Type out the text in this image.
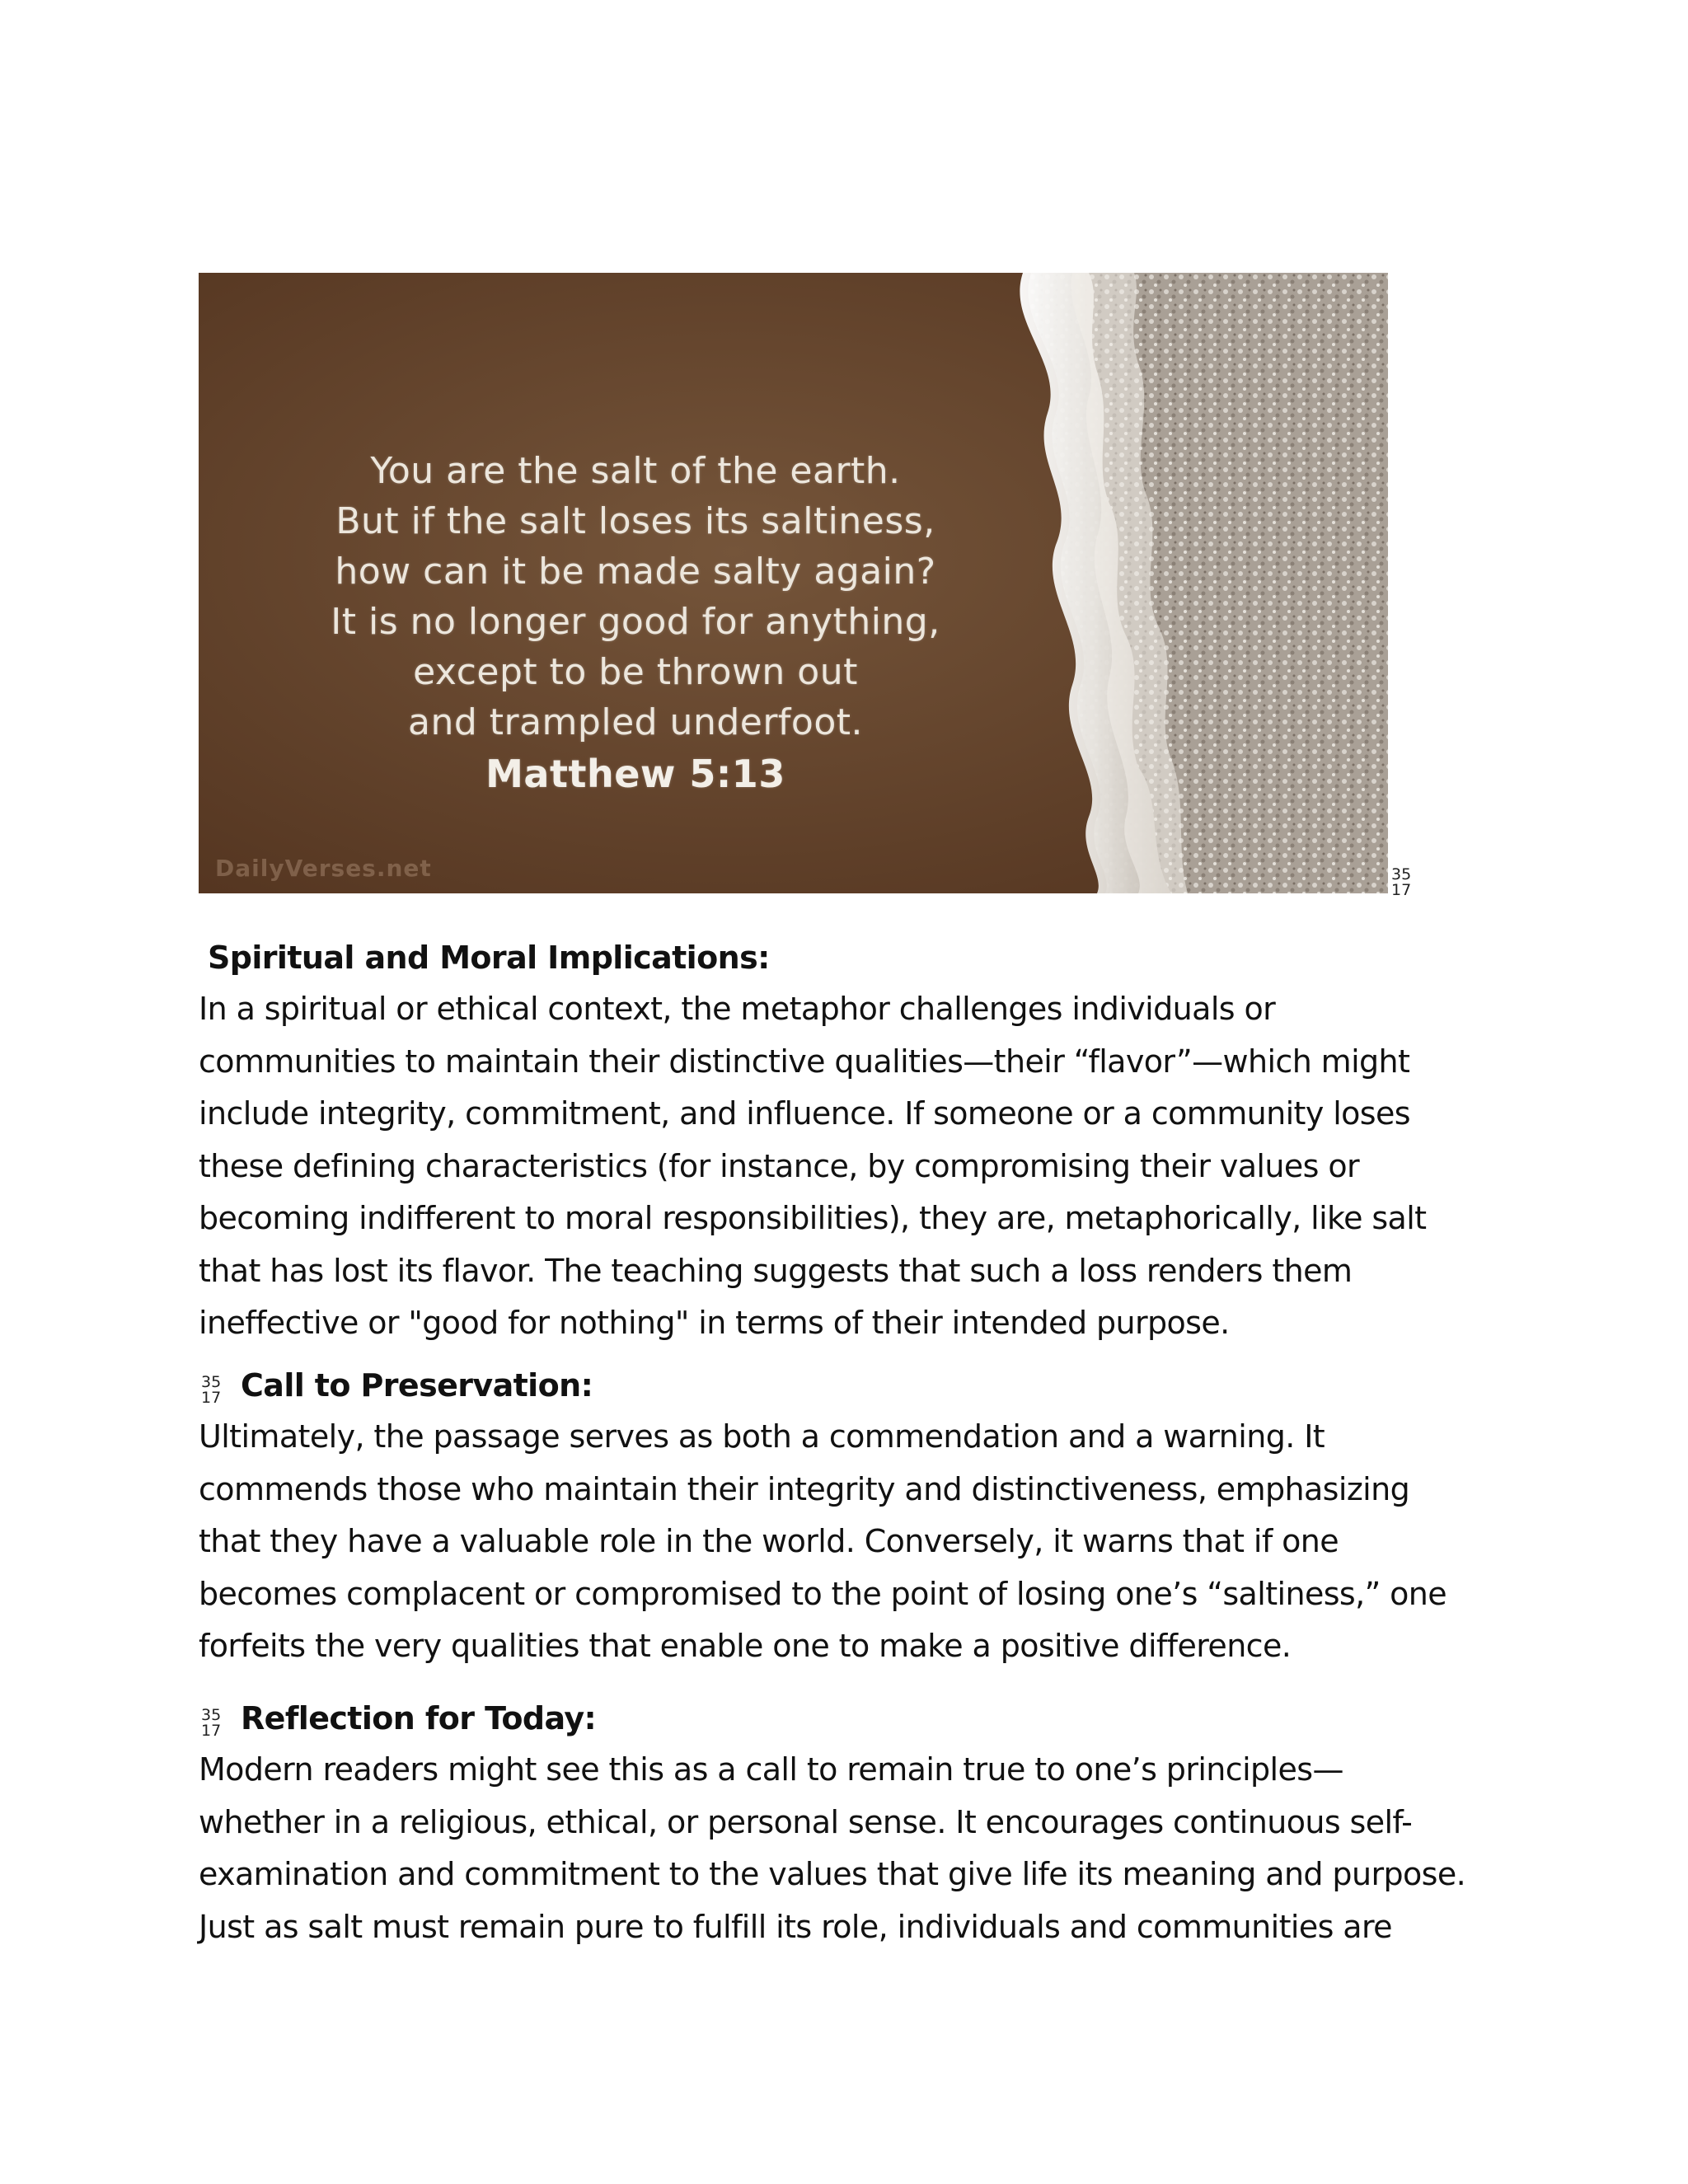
You are the salt of the earth.
But if the salt loses its saltiness,
how can it be made salty again?
It is no longer good for anything,
except to be thrown out
and trampled underfoot.
Matthew 5:13
DailyVerses.net	35
17
Spiritual and Moral Implications:
In a spiritual or ethical context, the metaphor challenges individuals or
communities to maintain their distinctive qualities—their “flavor”—which might
include integrity, commitment, and influence. If someone or a community loses
these defining characteristics (for instance, by compromising their values or
becoming indifferent to moral responsibilities), they are, metaphorically, like salt
that has lost its flavor. The teaching suggests that such a loss renders them
ineffective or "good for nothing" in terms of their intended purpose.
35
17 Call to Preservation:
Ultimately, the passage serves as both a commendation and a warning. It
commends those who maintain their integrity and distinctiveness, emphasizing
that they have a valuable role in the world. Conversely, it warns that if one
becomes complacent or compromised to the point of losing one’s “saltiness,” one
forfeits the very qualities that enable one to make a positive difference.
35
17 Reflection for Today:
Modern readers might see this as a call to remain true to one’s principles—
whether in a religious, ethical, or personal sense. It encourages continuous self-
examination and commitment to the values that give life its meaning and purpose.
Just as salt must remain pure to fulfill its role, individuals and communities are
